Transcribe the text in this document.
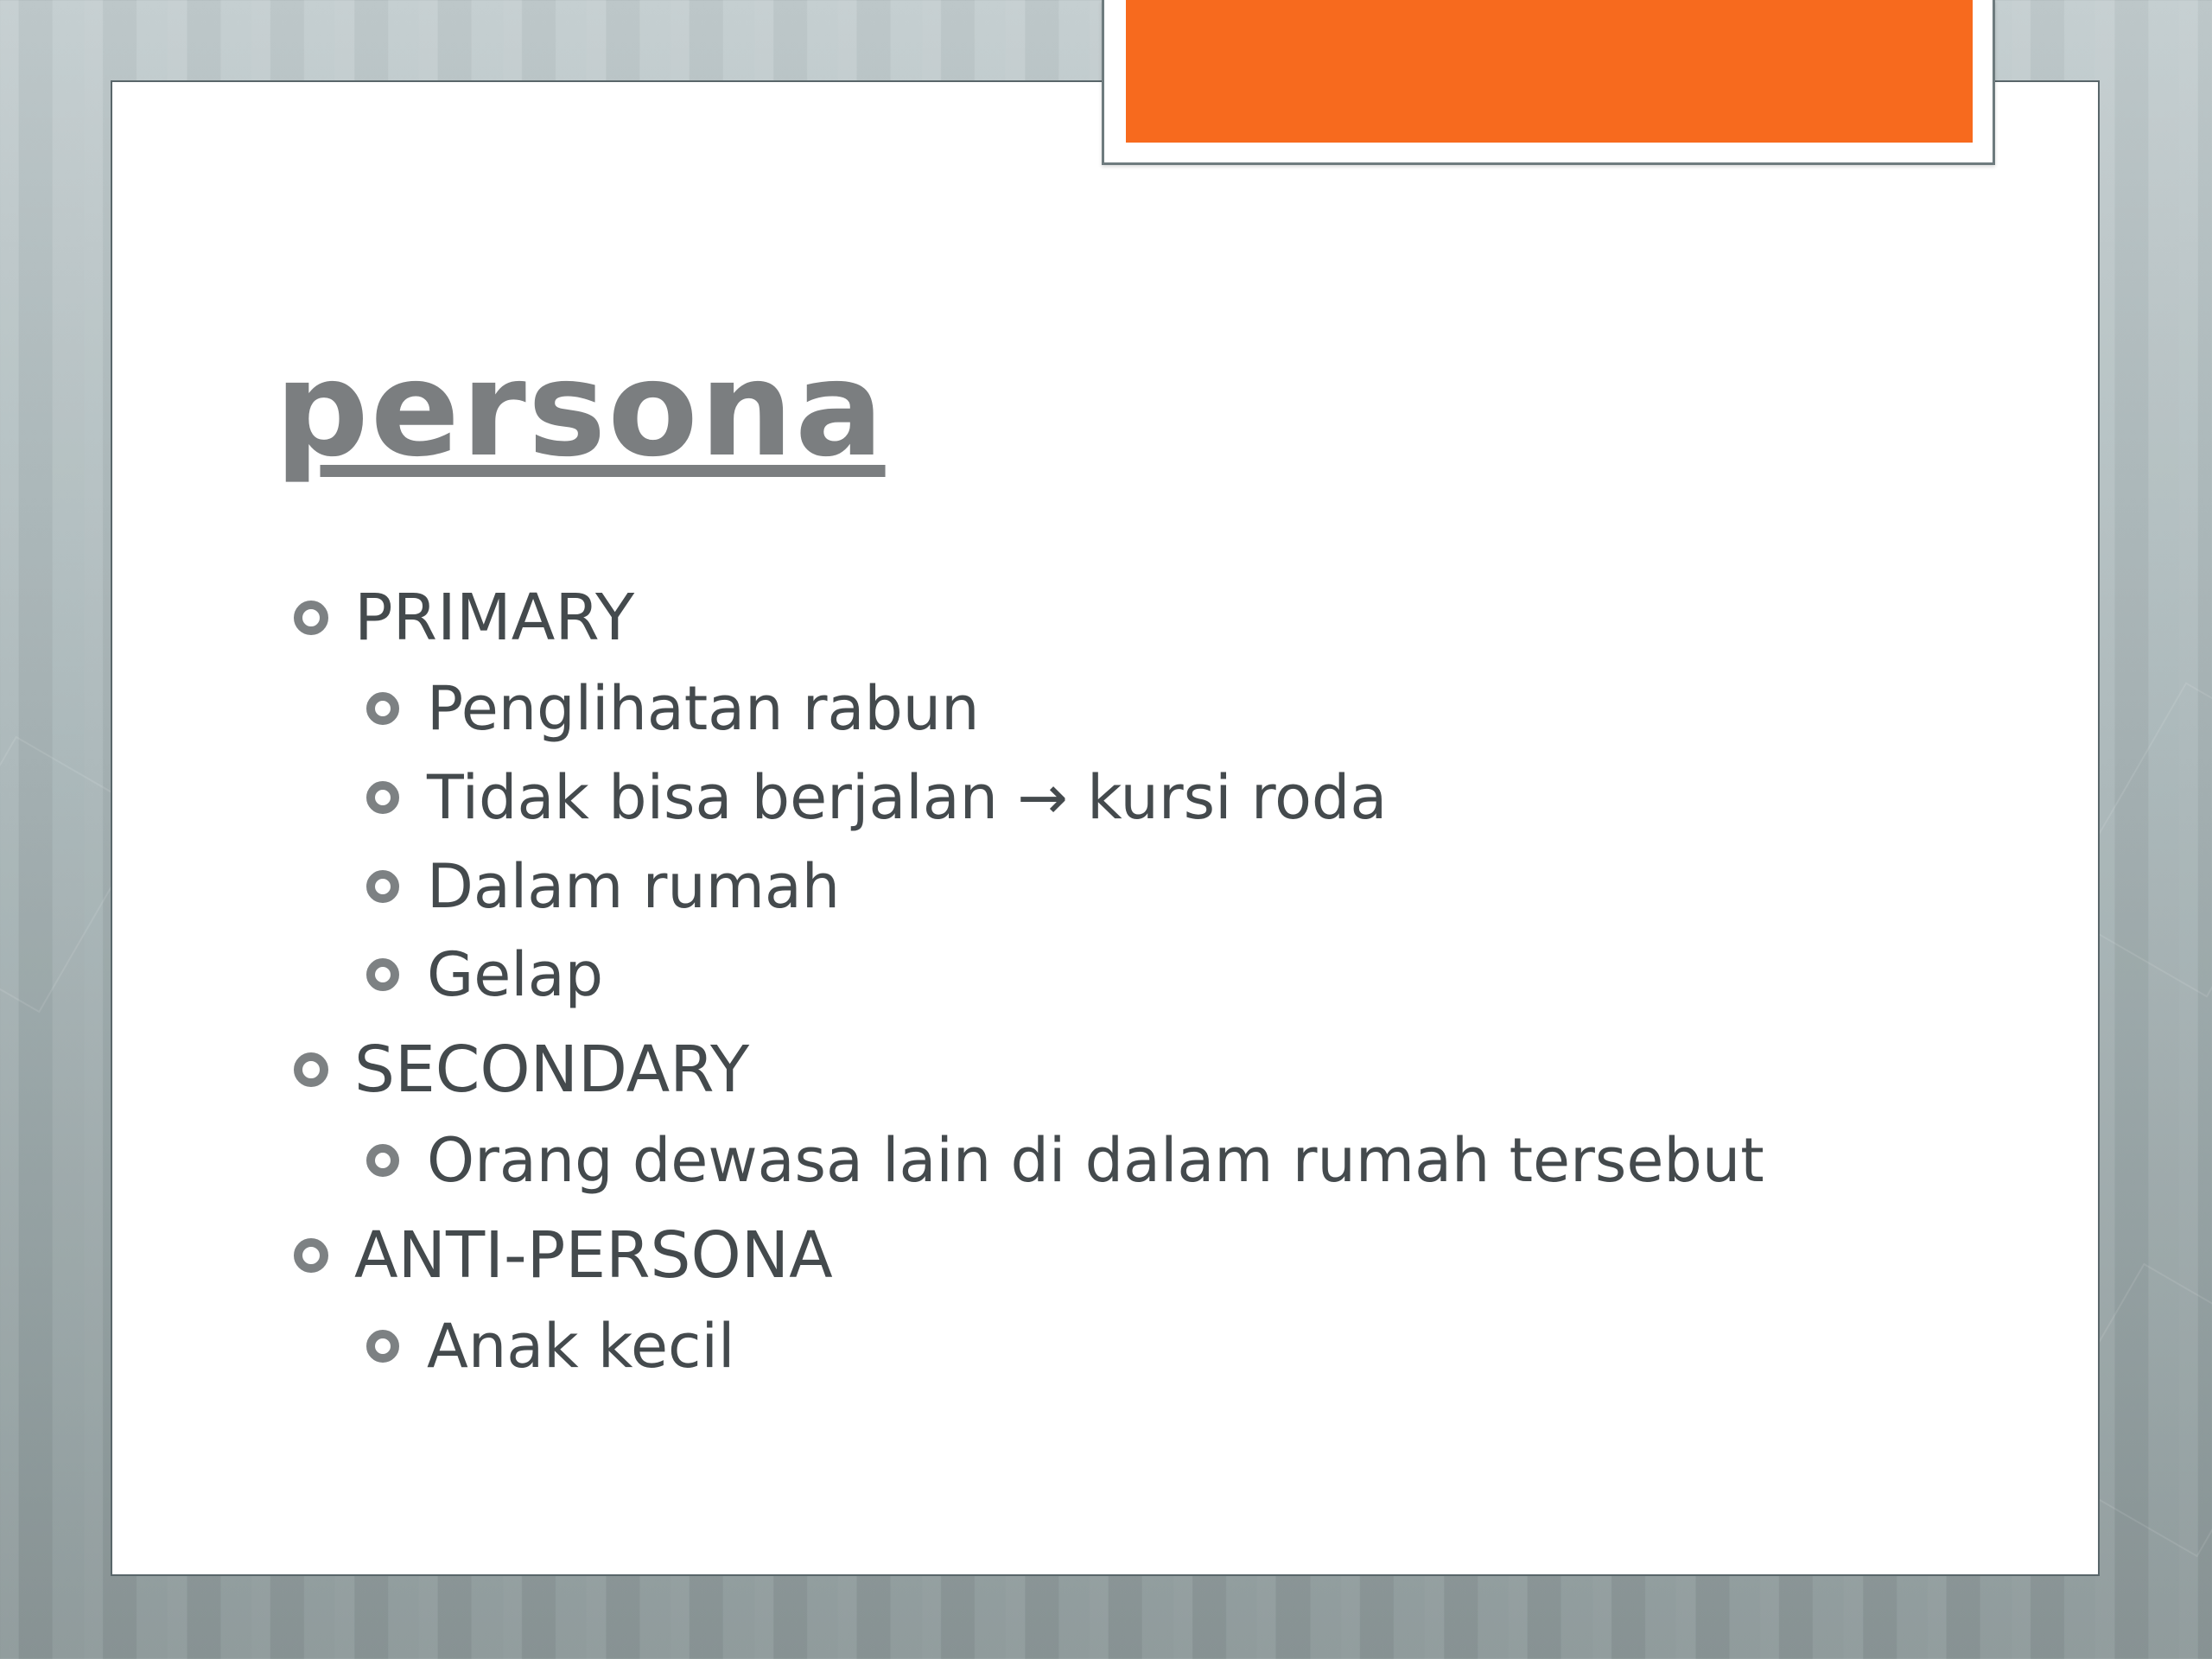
persona
PRIMARY
Penglihatan rabun
Tidak bisa berjalan → kursi roda
Dalam rumah
Gelap
SECONDARY
Orang dewasa lain di dalam rumah tersebut
ANTI-PERSONA
Anak kecil
